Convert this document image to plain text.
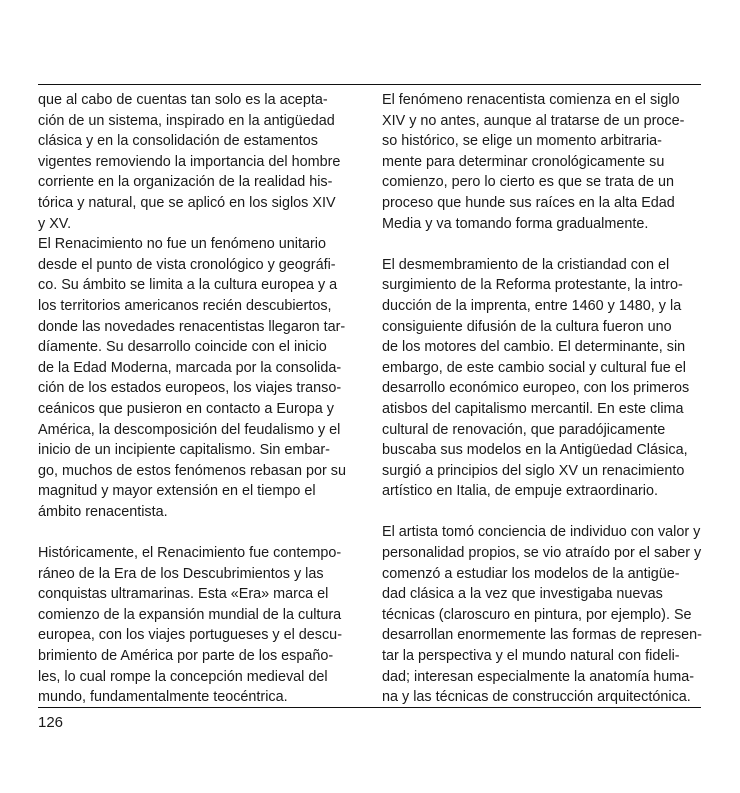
que al cabo de cuentas tan solo es la acepta-
ción de un sistema, inspirado en la antigüedad
clásica y en la consolidación de estamentos
vigentes removiendo la importancia del hombre
corriente en la organización de la realidad his-
tórica y natural, que se aplicó en los siglos XIV
y XV.
El Renacimiento no fue un fenómeno unitario
desde el punto de vista cronológico y geográfi-
co. Su ámbito se limita a la cultura europea y a
los territorios americanos recién descubiertos,
donde las novedades renacentistas llegaron tar-
díamente. Su desarrollo coincide con el inicio
de la Edad Moderna, marcada por la consolida-
ción de los estados europeos, los viajes transo-
ceánicos que pusieron en contacto a Europa y
América, la descomposición del feudalismo y el
inicio de un incipiente capitalismo. Sin embar-
go, muchos de estos fenómenos rebasan por su
magnitud y mayor extensión en el tiempo el
ámbito renacentista.
Históricamente, el Renacimiento fue contempo-
ráneo de la Era de los Descubrimientos y las
conquistas ultramarinas. Esta «Era» marca el
comienzo de la expansión mundial de la cultura
europea, con los viajes portugueses y el descu-
brimiento de América por parte de los españo-
les, lo cual rompe la concepción medieval del
mundo, fundamentalmente teocéntrica.
El fenómeno renacentista comienza en el siglo
XIV y no antes, aunque al tratarse de un proce-
so histórico, se elige un momento arbitraria-
mente para determinar cronológicamente su
comienzo, pero lo cierto es que se trata de un
proceso que hunde sus raíces en la alta Edad
Media y va tomando forma gradualmente.
El desmembramiento de la cristiandad con el
surgimiento de la Reforma protestante, la intro-
ducción de la imprenta, entre 1460 y 1480, y la
consiguiente difusión de la cultura fueron uno
de los motores del cambio. El determinante, sin
embargo, de este cambio social y cultural fue el
desarrollo económico europeo, con los primeros
atisbos del capitalismo mercantil. En este clima
cultural de renovación, que paradójicamente
buscaba sus modelos en la Antigüedad Clásica,
surgió a principios del siglo XV un renacimiento
artístico en Italia, de empuje extraordinario.
El artista tomó conciencia de individuo con valor y
personalidad propios, se vio atraído por el saber y
comenzó a estudiar los modelos de la antigüe-
dad clásica a la vez que investigaba nuevas
técnicas (claroscuro en pintura, por ejemplo). Se
desarrollan enormemente las formas de represen-
tar la perspectiva y el mundo natural con fideli-
dad; interesan especialmente la anatomía huma-
na y las técnicas de construcción arquitectónica.
126
